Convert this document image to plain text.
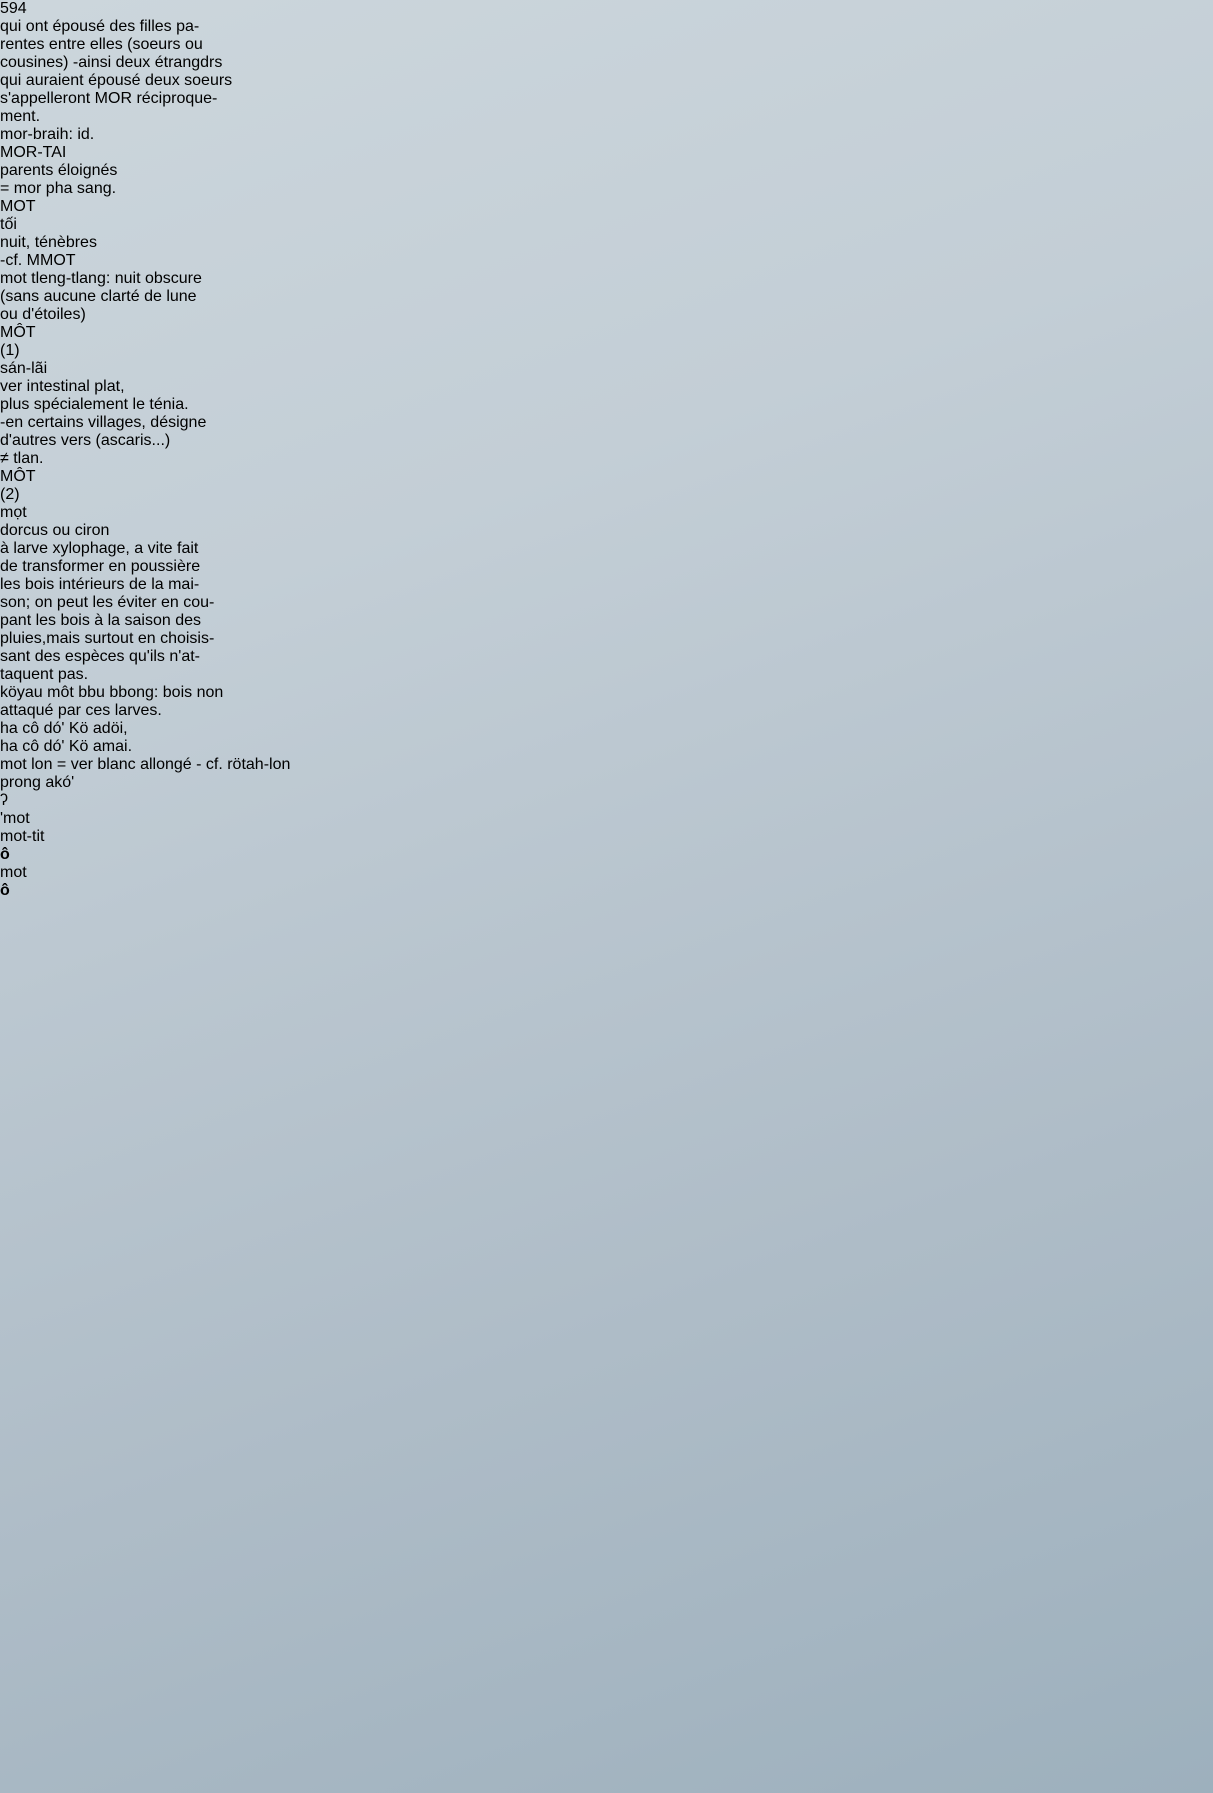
594
qui ont épousé des filles pa-
rentes entre elles (soeurs ou
cousines) -ainsi deux étrangdrs
qui auraient épousé deux soeurs
s'appelleront MOR réciproque-
ment.
mor-braih: id.
MOR-TAI
parents éloignés
= mor pha sang.
MOT
tối
nuit, ténèbres
-cf. MMOT
mot tleng-tlang: nuit obscure
(sans aucune clarté de lune
ou d'étoiles)
MÔT
(1)
sán-lãi
ver intestinal plat,
plus spécialement le ténia.
-en certains villages, désigne
d'autres vers (ascaris...)
≠ tlan.
MÔT
(2)
mọt
dorcus ou ciron
à larve xylophage, a vite fait
de transformer en poussière
les bois intérieurs de la mai-
son; on peut les éviter en cou-
pant les bois à la saison des
pluies,mais surtout en choisis-
sant des espèces qu'ils n'at-
taquent pas.
köyau môt bbu bbong: bois non
attaqué par ces larves.
ha cô dó' Kö adöi,
ha cô dó' Kö amai.
mot lon = ver blanc allongé - cf. rötah-lon
prong akó'
ʔ
'mot
mot-tit
ô
mot
ô
